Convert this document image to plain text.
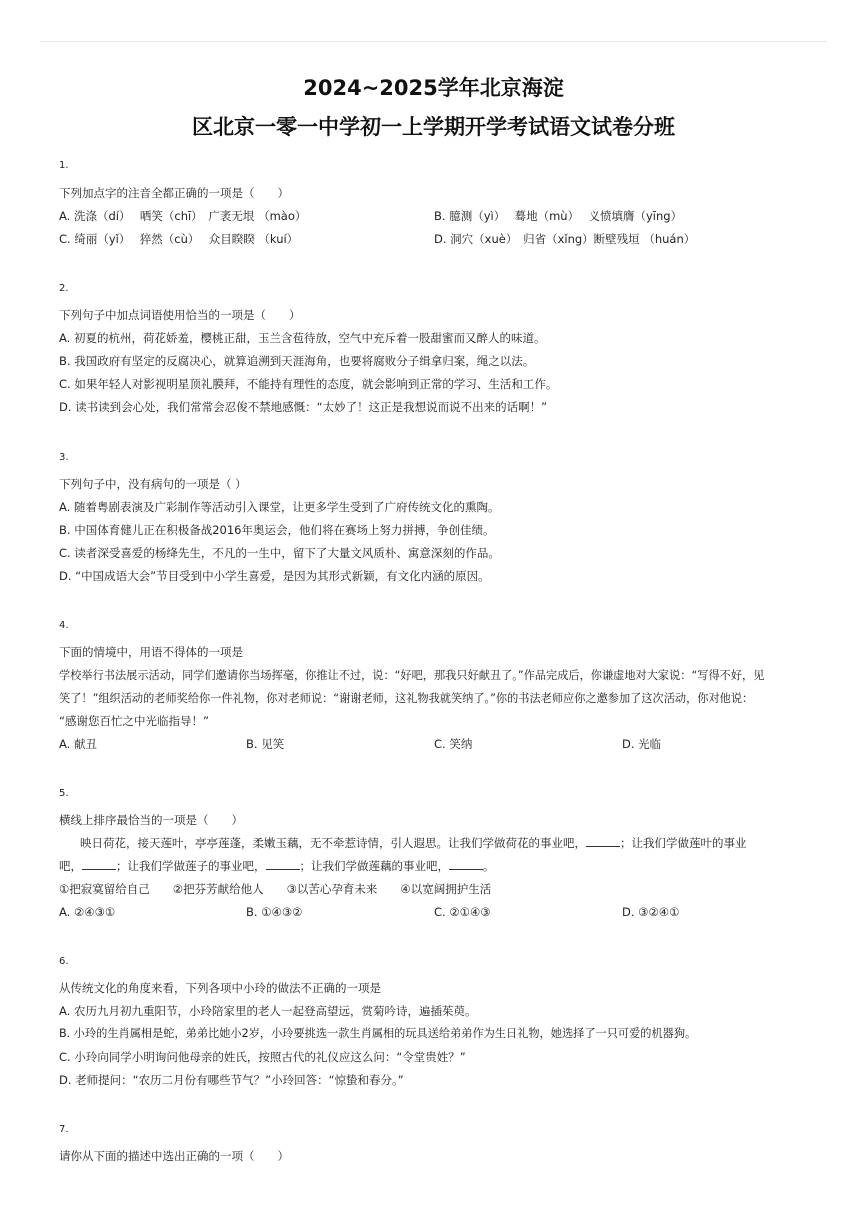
2024~2025学年北京海淀
区北京一零一中学初一上学期开学考试语文试卷分班
1.
下列加点字的注音全都正确的一项是（　　）
A. 洗涤（dí）　 哂笑（chī）　广袤无垠 （mào）	B. 臆测（yì）　 蓦地（mù）　 义愤填膺（yīng）
C. 绮丽（yǐ）　 猝然（cù）　 众目睽睽 （kuí）	D. 洞穴（xuè）　归省（xǐng）断壁残垣 （huán）
2.
下列句子中加点词语使用恰当的一项是（　　）
A. 初夏的杭州，荷花娇羞，樱桃正甜，玉兰含苞待放，空气中充斥着一股甜蜜而又醉人的味道。
B. 我国政府有坚定的反腐决心，就算追溯到天涯海角，也要将腐败分子缉拿归案，绳之以法。
C. 如果年轻人对影视明星顶礼膜拜，不能持有理性的态度，就会影响到正常的学习、生活和工作。
D. 读书读到会心处，我们常常会忍俊不禁地感慨：“太妙了！这正是我想说而说不出来的话啊！”
3.
下列句子中，没有病句的一项是（ ）
A. 随着粤剧表演及广彩制作等活动引入课堂，让更多学生受到了广府传统文化的熏陶。
B. 中国体育健儿正在积极备战2016年奥运会，他们将在赛场上努力拼搏，争创佳绩。
C. 读者深受喜爱的杨绛先生，不凡的一生中，留下了大量文风质朴、寓意深刻的作品。
D. “中国成语大会”节目受到中小学生喜爱，是因为其形式新颖，有文化内涵的原因。
4.
下面的情境中，用语不得体的一项是
学校举行书法展示活动，同学们邀请你当场挥毫，你推让不过，说：“好吧，那我只好献丑了。”作品完成后，你谦虚地对大家说：“写得不好，见
笑了！”组织活动的老师奖给你一件礼物，你对老师说：“谢谢老师，这礼物我就笑纳了。”你的书法老师应你之邀参加了这次活动，你对他说：
“感谢您百忙之中光临指导！”
A. 献丑	B. 见笑	C. 笑纳	D. 光临
5.
横线上排序最恰当的一项是（　　）
映日荷花，接天莲叶，亭亭莲蓬，柔嫩玉藕，无不牵惹诗情，引人遐思。让我们学做荷花的事业吧，	；让我们学做莲叶的事业
吧，	；让我们学做莲子的事业吧，	；让我们学做莲藕的事业吧，	。
①把寂寞留给自己　　②把芬芳献给他人　　③以苦心孕育未来　　④以宽阔拥护生活
A. ②④③①	B. ①④③②	C. ②①④③	D. ③②④①
6.
从传统文化的角度来看，下列各项中小玲的做法不正确的一项是
A. 农历九月初九重阳节，小玲陪家里的老人一起登高望远，赏菊吟诗，遍插茱萸。
B. 小玲的生肖属相是蛇，弟弟比她小2岁，小玲要挑选一款生肖属相的玩具送给弟弟作为生日礼物，她选择了一只可爱的机器狗。
C. 小玲向同学小明询问他母亲的姓氏，按照古代的礼仪应这么问：“令堂贵姓？”
D. 老师提问：“农历二月份有哪些节气？”小玲回答：“惊蛰和春分。”
7.
请你从下面的描述中选出正确的一项（　　）
